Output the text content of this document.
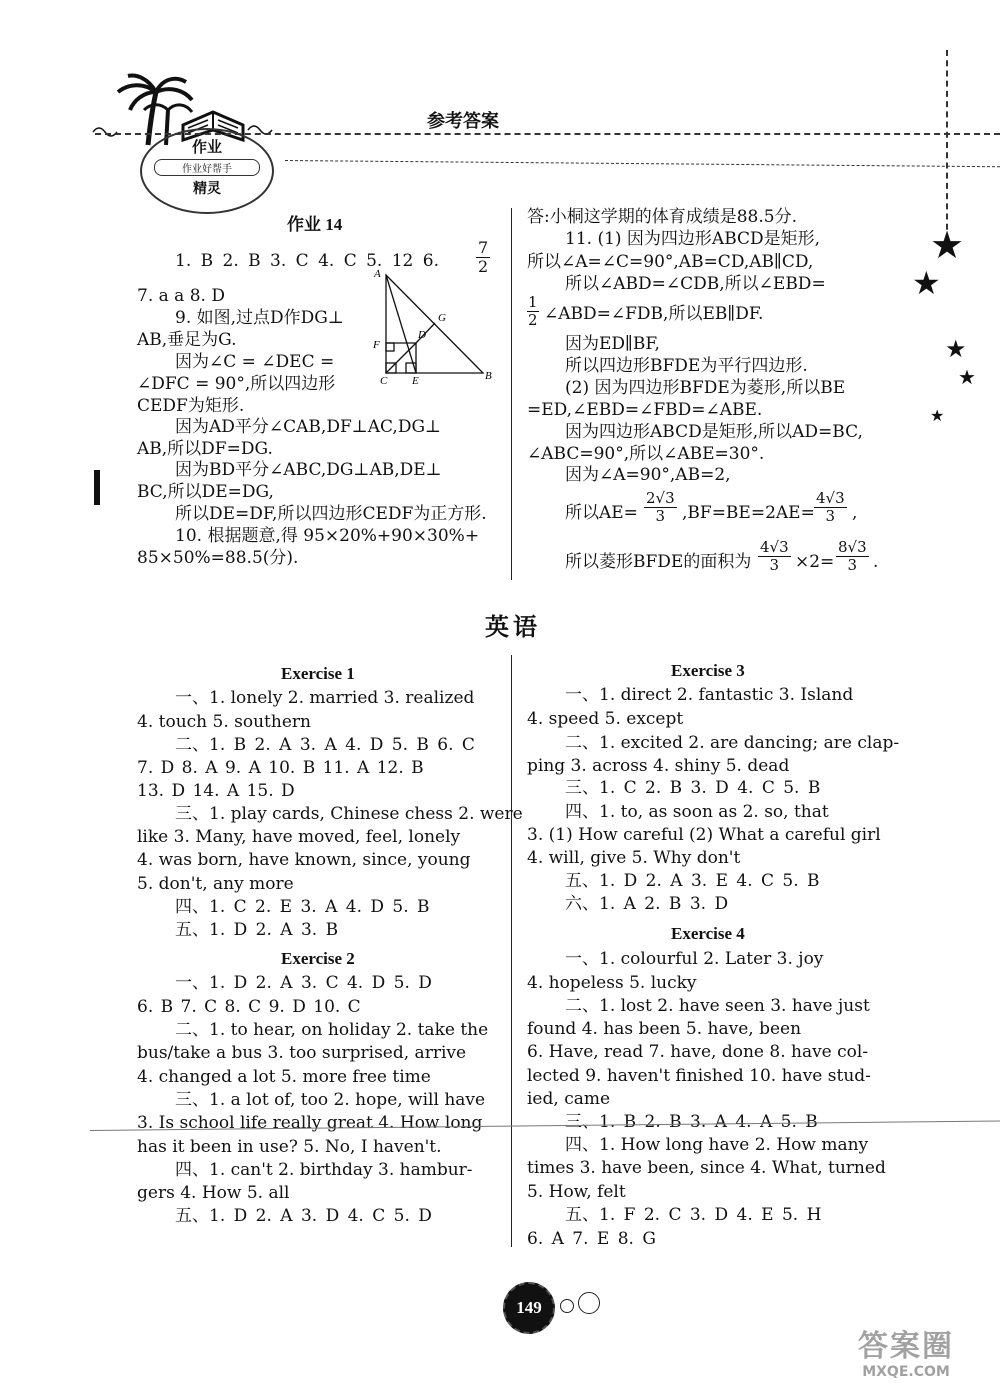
作业
作业好帮手
精灵
参考答案
★
★
★
★
★
作业 14
1. B 2. B 3. C 4. C 5. 12 6. $\frac{7}{2}$
7. a a 8. D
9. 如图,过点D作DG⊥
AB,垂足为G.
因为∠C = ∠DEC =
∠DFC = 90°,所以四边形
CEDF为矩形.
因为AD平分∠CAB,DF⊥AC,DG⊥
AB,所以DF=DG.
因为BD平分∠ABC,DG⊥AB,DE⊥
BC,所以DE=DG,
所以DE=DF,所以四边形CEDF为正方形.
10. 根据题意,得 95×20%+90×30%+
85×50%=88.5(分).
A
G
D
F
C E	B
答:小桐这学期的体育成绩是88.5分.
11. (1) 因为四边形ABCD是矩形,
所以∠A=∠C=90°,AB=CD,AB∥CD,
所以∠ABD=∠CDB,所以∠EBD=
$\frac{1}{2}$ ∠ABD=∠FDB,所以EB∥DF.
因为ED∥BF,
所以四边形BFDE为平行四边形.
(2) 因为四边形BFDE为菱形,所以BE
=ED,∠EBD=∠FBD=∠ABE.
因为四边形ABCD是矩形,所以AD=BC,
∠ABC=90°,所以∠ABE=30°.
因为∠A=90°,AB=2,
所以$AE= \frac{2√3}{3} ,BF=BE=2AE= \frac{4√3}{3}$ ,
所以菱形BFDE的面积为 $\frac{4√3}{3} \times 2= \frac{8√3}{3}$ .
英语
Exercise 1
一、1. lonely 2. married 3. realized
4. touch 5. southern
二、1. B 2. A 3. A 4. D 5. B 6. C
7. D 8. A 9. A 10. B 11. A 12. B
13. D 14. A 15. D
三、1. play cards, Chinese chess 2. were
like 3. Many, have moved, feel, lonely
4. was born, have known, since, young
5. don't, any more
四、1. C 2. E 3. A 4. D 5. B
五、1. D 2. A 3. B
Exercise 2
一、1. D 2. A 3. C 4. D 5. D
6. B 7. C 8. C 9. D 10. C
二、1. to hear, on holiday 2. take the
bus/take a bus 3. too surprised, arrive
4. changed a lot 5. more free time
三、1. a lot of, too 2. hope, will have
3. Is school life really great 4. How long
has it been in use? 5. No, I haven't.
四、1. can't 2. birthday 3. hambur-
gers 4. How 5. all
五、1. D 2. A 3. D 4. C 5. D
Exercise 3
一、1. direct 2. fantastic 3. Island
4. speed 5. except
二、1. excited 2. are dancing; are clap-
ping 3. across 4. shiny 5. dead
三、1. C 2. B 3. D 4. C 5. B
四、1. to, as soon as 2. so, that
3. (1) How careful (2) What a careful girl
4. will, give 5. Why don't
五、1. D 2. A 3. E 4. C 5. B
六、1. A 2. B 3. D
Exercise 4
一、1. colourful 2. Later 3. joy
4. hopeless 5. lucky
二、1. lost 2. have seen 3. have just
found 4. has been 5. have, been
6. Have, read 7. have, done 8. have col-
lected 9. haven't finished 10. have stud-
ied, came
三、1. B 2. B 3. A 4. A 5. B
四、1. How long have 2. How many
times 3. have been, since 4. What, turned
5. How, felt
五、1. F 2. C 3. D 4. E 5. H
6. A 7. E 8. G
149
答案圈
MXQE.COM
